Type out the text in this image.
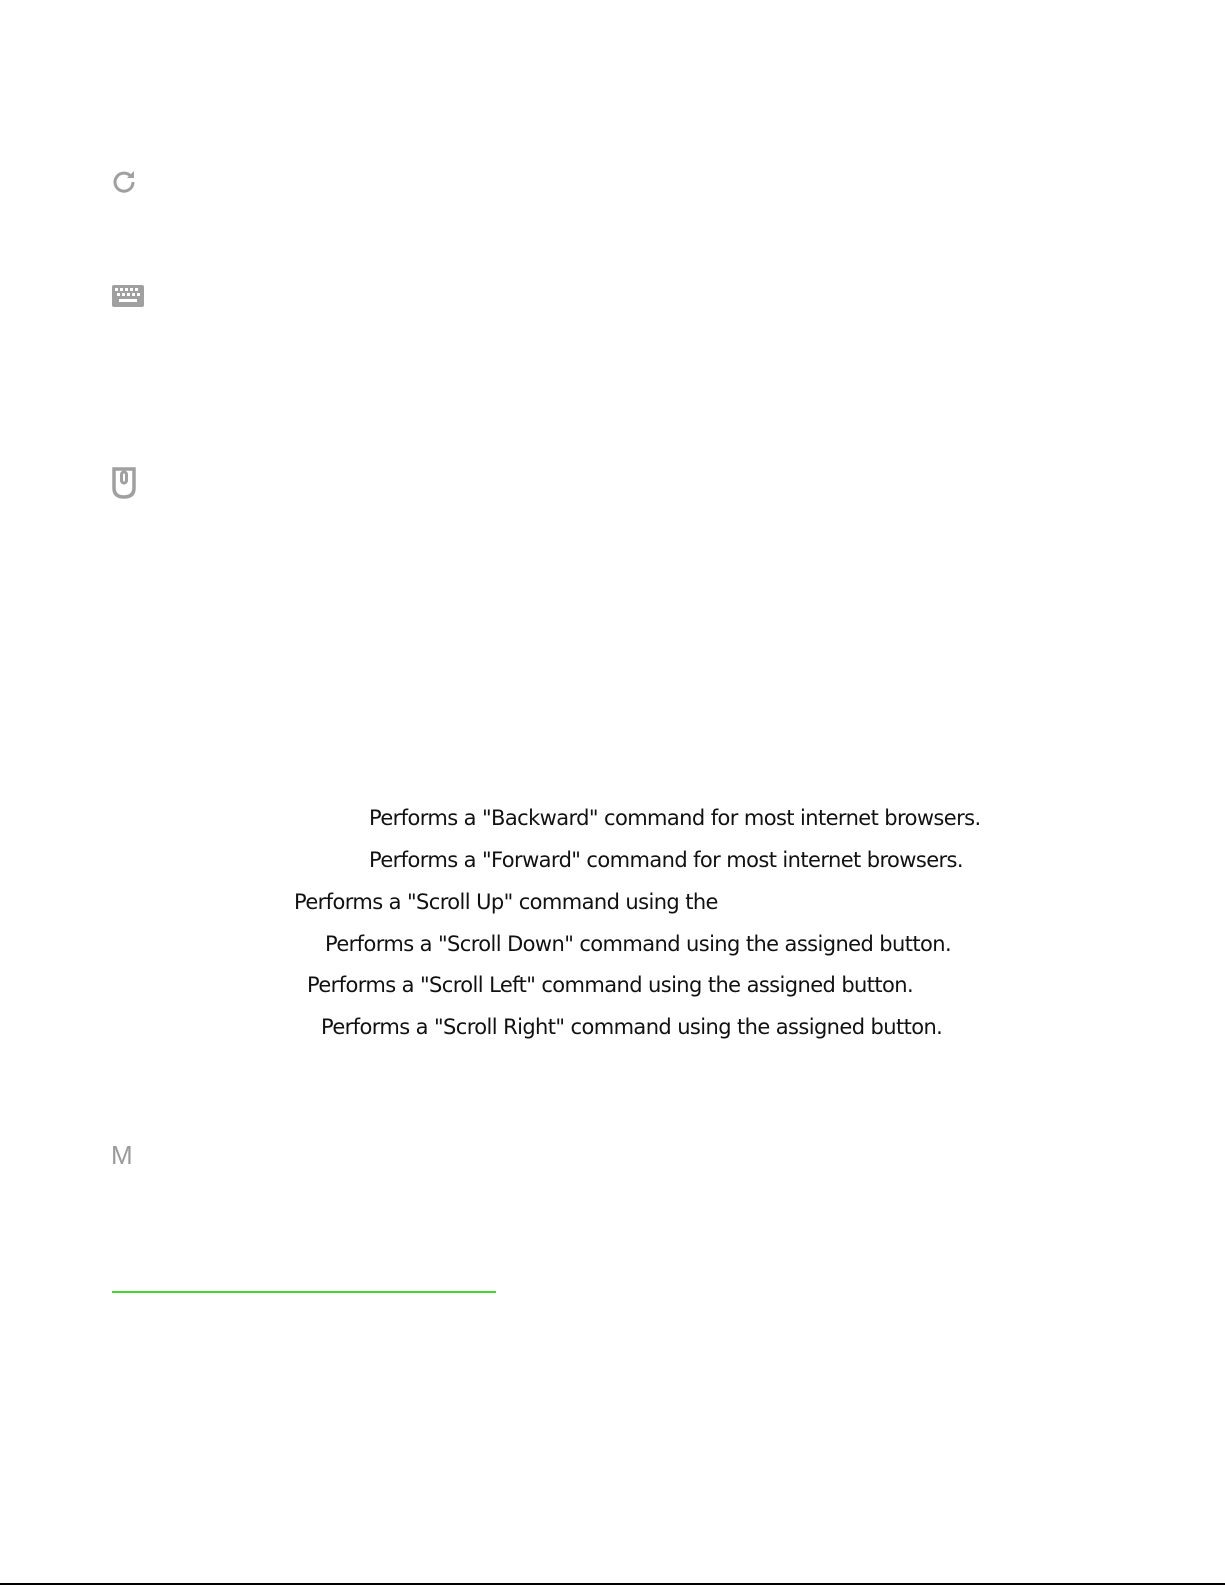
Performs a "Backward" command for most internet browsers.
Performs a "Forward" command for most internet browsers.
Performs a "Scroll Up" command using the
Performs a "Scroll Down" command using the assigned button.
Performs a "Scroll Left" command using the assigned button.
Performs a "Scroll Right" command using the assigned button.
M
